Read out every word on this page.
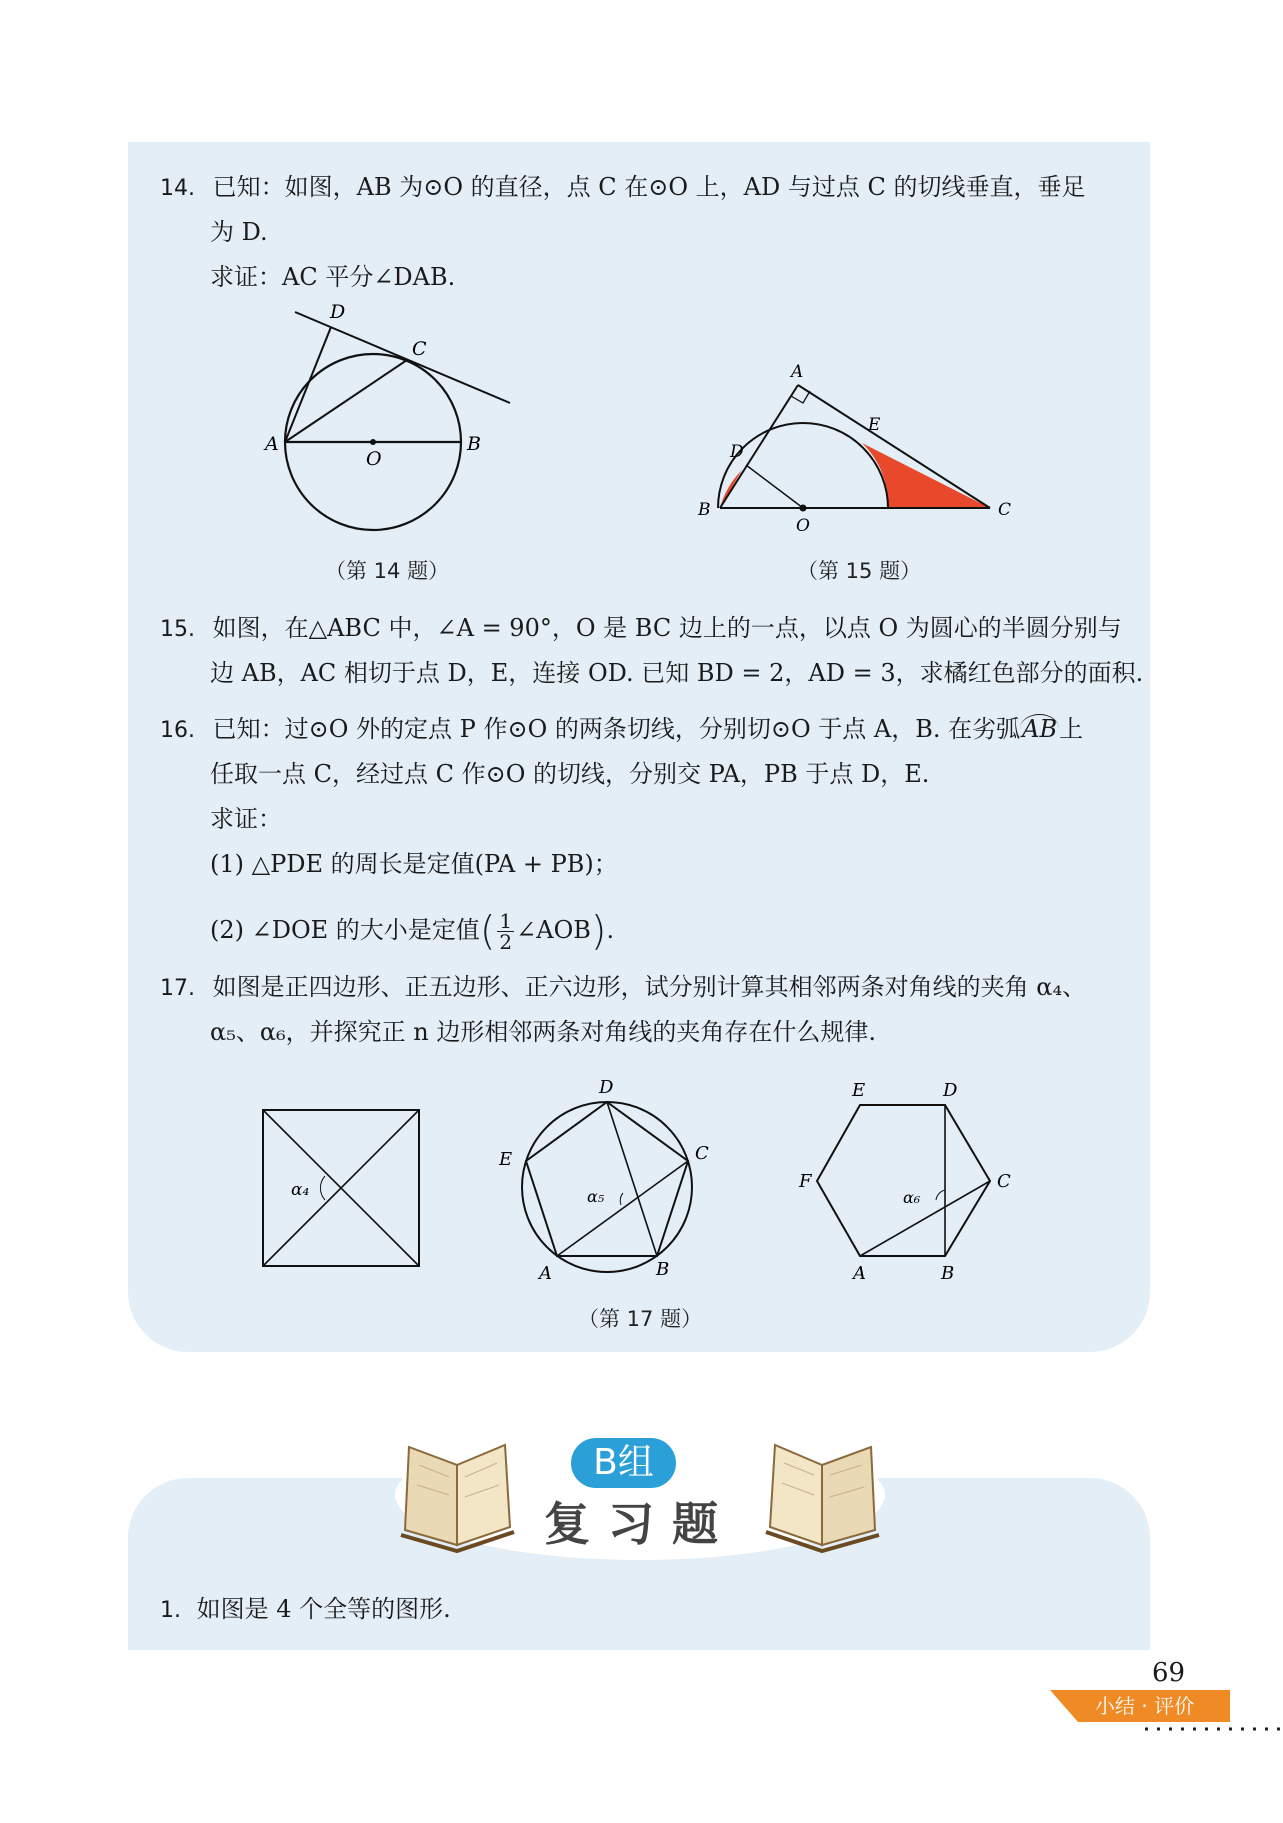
14. 已知：如图，AB 为⊙O 的直径，点 C 在⊙O 上，AD 与过点 C 的切线垂直，垂足
为 D.
求证：AC 平分∠DAB.
D
C
A
O
B
（第 14 题）
A
E
D
B
O
C
（第 15 题）
15. 如图，在△ABC 中，∠A = 90°，O 是 BC 边上的一点，以点 O 为圆心的半圆分别与
边 AB，AC 相切于点 D，E，连接 OD. 已知 BD = 2，AD = 3，求橘红色部分的面积.
16. 已知：过⊙O 外的定点 P 作⊙O 的两条切线，分别切⊙O 于点 A，B. 在劣弧AB上
任取一点 C，经过点 C 作⊙O 的切线，分别交 PA，PB 于点 D，E.
求证：
(1) △PDE 的周长是定值(PA + PB)；
(2) ∠DOE 的大小是定值( $\frac{1}{2}$ ∠AOB).
17. 如图是正四边形、正五边形、正六边形，试分别计算其相邻两条对角线的夹角 α₄、
α₅、α₆，并探究正 n 边形相邻两条对角线的夹角存在什么规律.
α₄	α₅
D
C
E
A	B
α₆
E	D
F	C
A	B
（第 17 题）
B组
复习题
1. 如图是 4 个全等的图形.
69
小结 · 评价
